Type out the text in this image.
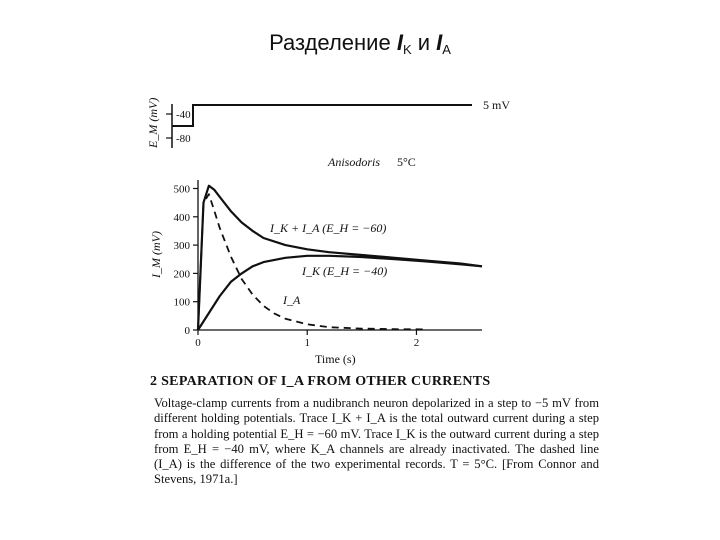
Разделение $I_K$ и $I_A$
E_M (mV) -40
-80
5 mV
Anisodoris 5°C
I_M (mV)
0
100
200
300
400
500
0	1	2
Time (s)
I_K + I_A (E_H = −60)
I_K (E_H = −40)
I_A
2 SEPARATION OF I_A FROM OTHER CURRENTS
Voltage-clamp currents from a nudibranch neuron depolarized in a step to −5 mV from different holding potentials. Trace I_K + I_A is the total outward current during a step from a holding potential E_H = −60 mV. Trace I_K is the outward current during a step from E_H = −40 mV, where K_A channels are already inactivated. The dashed line (I_A) is the difference of the two experimental records. T = 5°C. [From Connor and Stevens, 1971a.]
